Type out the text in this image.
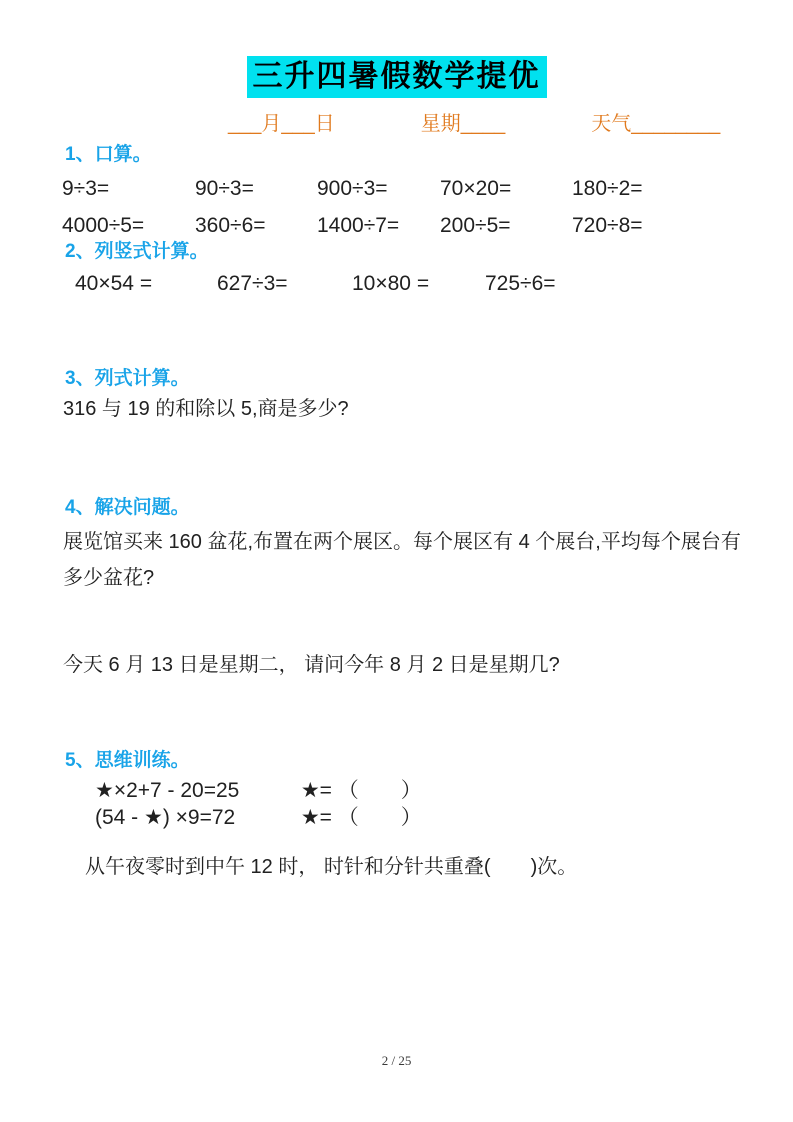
三升四暑假数学提优
___月___日	星期____	天气________
1、口算。
9÷3=	90÷3=	900÷3=	70×20=	180÷2=
4000÷5=	360÷6=	1400÷7=	200÷5=	720÷8=
2、列竖式计算。
40×54 =	627÷3=	10×80 =	725÷6=
3、列式计算。
316 与 19 的和除以 5,商是多少?
4、解决问题。
展览馆买来 160 盆花,布置在两个展区。每个展区有 4 个展台,平均每个展台有多少盆花?
今天 6 月 13 日是星期二， 请问今年 8 月 2 日是星期几?
5、思维训练。
★×2+7 - 20=25	★= （　　）
(54 - ★) ×9=72	★= （　　）
从午夜零时到中午 12 时， 时针和分针共重叠(　　)次。
2 / 25
